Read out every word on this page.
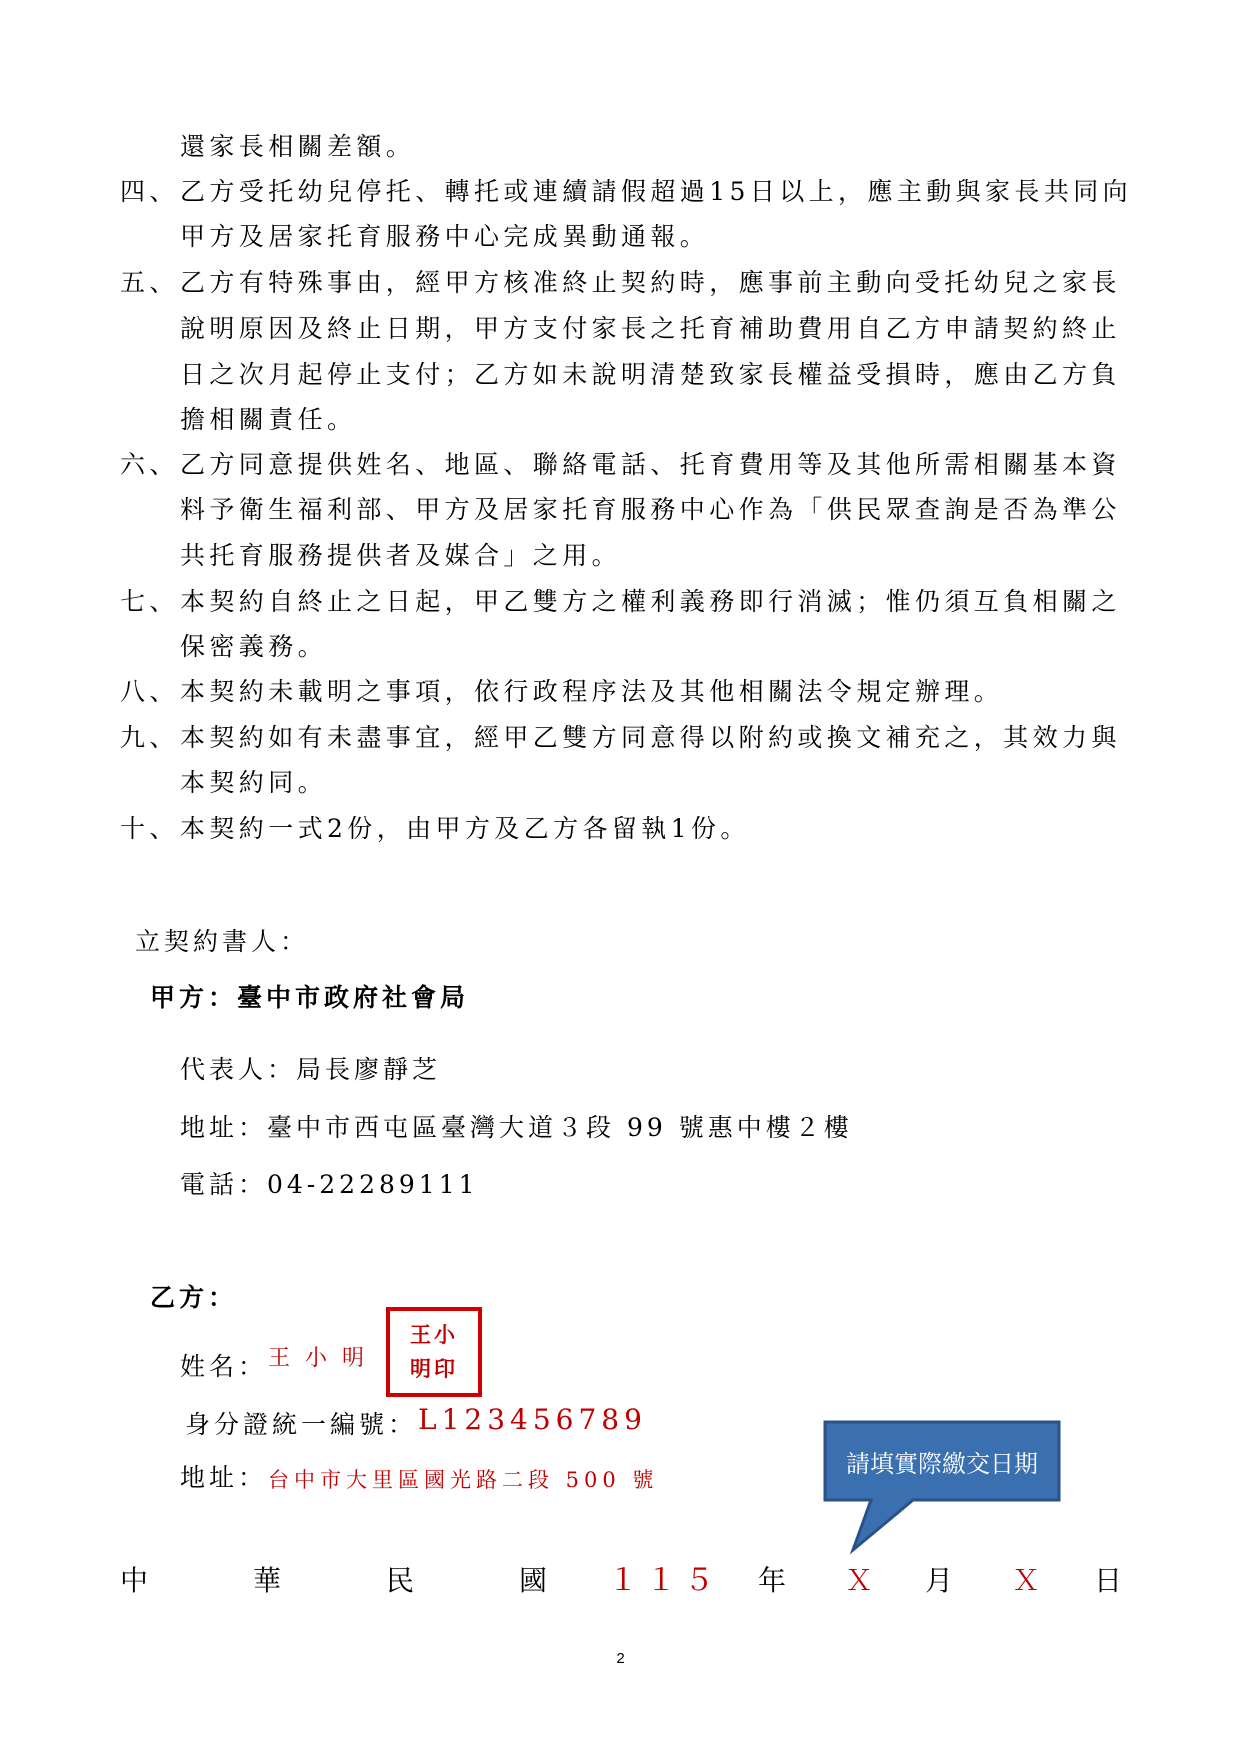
還家長相關差額。
四、 乙方受托幼兒停托、轉托或連續請假超過15日以上，應主動與家長共同向
甲方及居家托育服務中心完成異動通報。
五、 乙方有特殊事由，經甲方核准終止契約時，應事前主動向受托幼兒之家長
說明原因及終止日期，甲方支付家長之托育補助費用自乙方申請契約終止
日之次月起停止支付；乙方如未說明清楚致家長權益受損時，應由乙方負
擔相關責任。
六、 乙方同意提供姓名、地區、聯絡電話、托育費用等及其他所需相關基本資
料予衛生福利部、甲方及居家托育服務中心作為「供民眾查詢是否為準公
共托育服務提供者及媒合」之用。
七、 本契約自終止之日起，甲乙雙方之權利義務即行消滅；惟仍須互負相關之
保密義務。
八、 本契約未載明之事項，依行政程序法及其他相關法令規定辦理。
九、 本契約如有未盡事宜，經甲乙雙方同意得以附約或換文補充之，其效力與
本契約同。
十、 本契約一式2份，由甲方及乙方各留執1份。
立契約書人：
甲方：臺中市政府社會局
代表人：局長廖靜芝
地址：臺中市西屯區臺灣大道３段 99 號惠中樓２樓
電話：04-22289111
乙方：
姓名： 王 小 明
王小
明印
身分證統一編號： L123456789
地址： 台中市大里區國光路二段 500 號
請填實際繳交日期
中	華	民	國 １１５ 年 Ｘ 月 Ｘ 日
2
